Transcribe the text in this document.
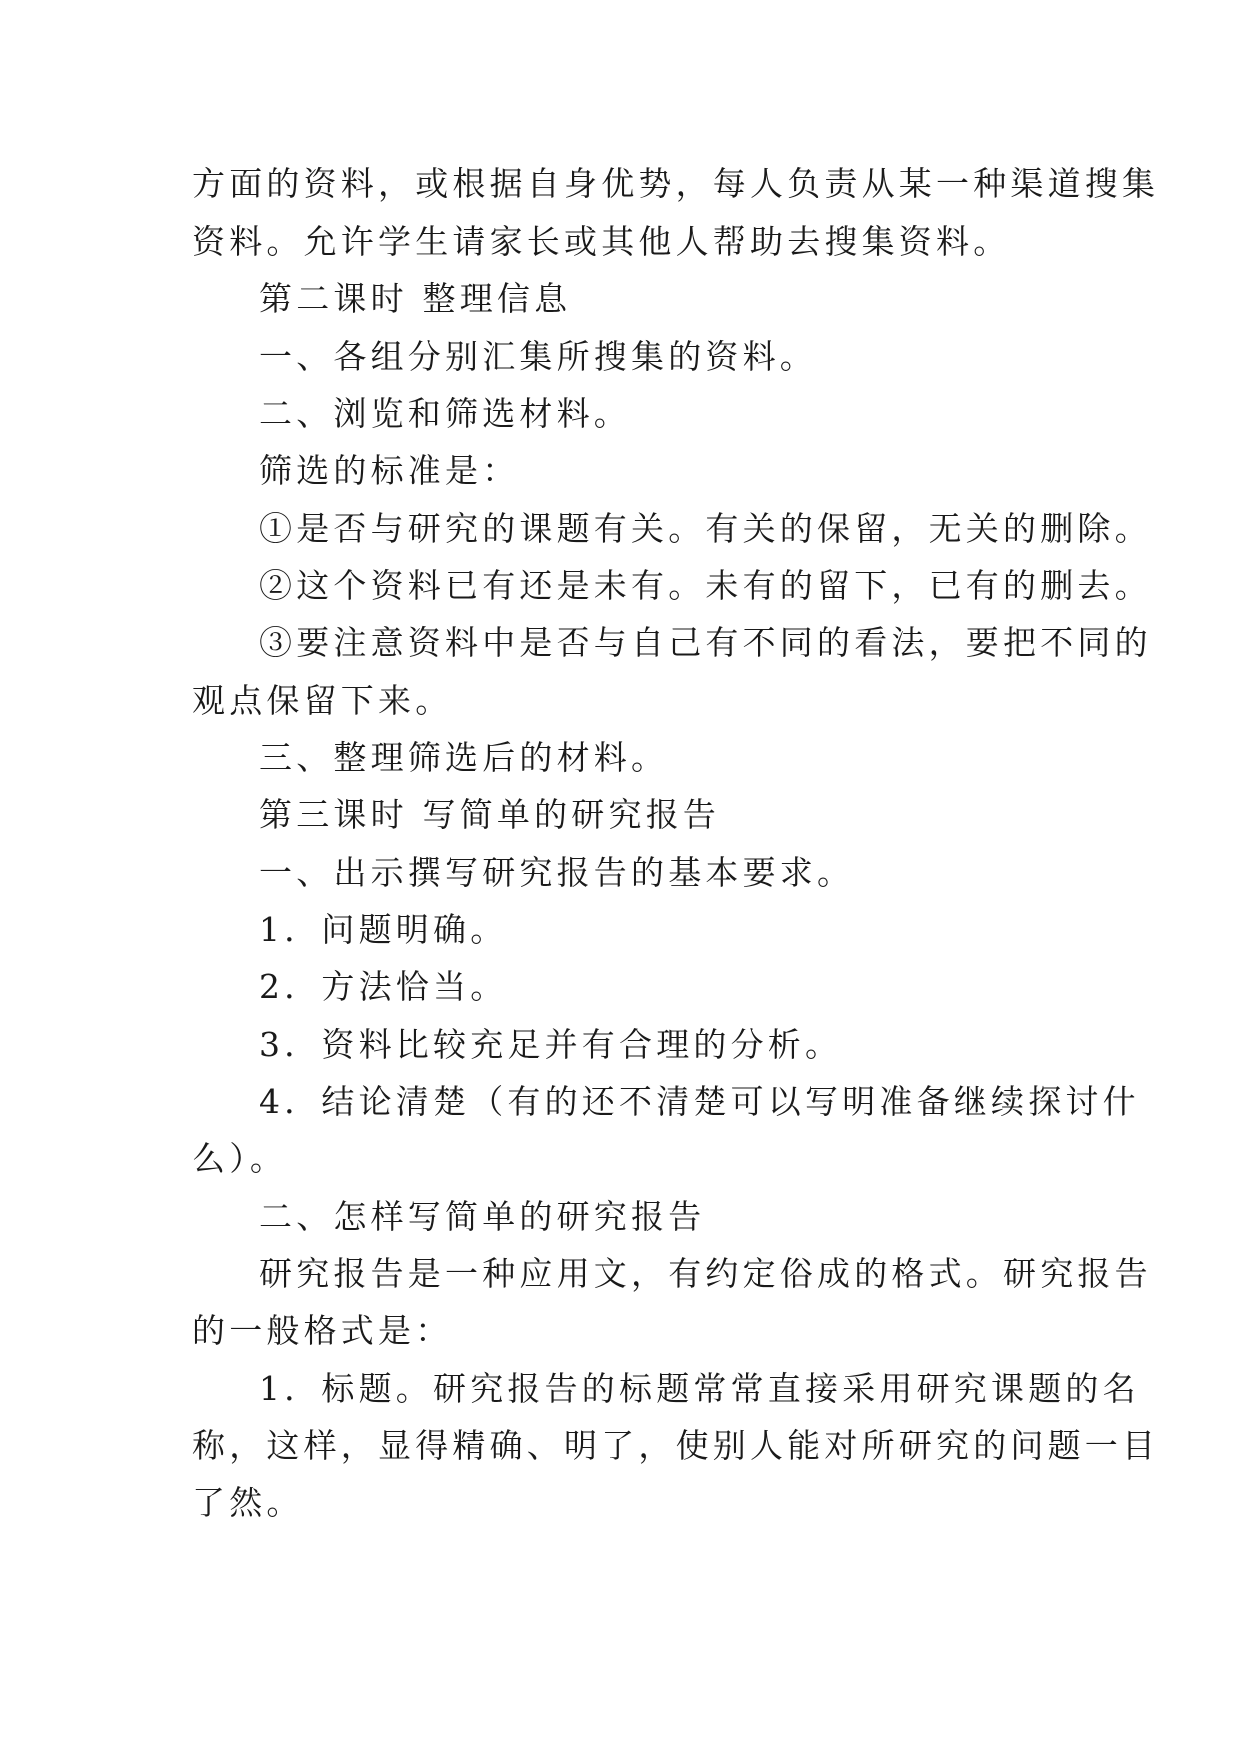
方面的资料，或根据自身优势，每人负责从某一种渠道搜集
资料。允许学生请家长或其他人帮助去搜集资料。
第二课时 整理信息
一、各组分别汇集所搜集的资料。
二、浏览和筛选材料。
筛选的标准是：
①是否与研究的课题有关。有关的保留，无关的删除。
②这个资料已有还是未有。未有的留下，已有的删去。
③要注意资料中是否与自己有不同的看法，要把不同的
观点保留下来。
三、整理筛选后的材料。
第三课时 写简单的研究报告
一、出示撰写研究报告的基本要求。
1．问题明确。
2．方法恰当。
3．资料比较充足并有合理的分析。
4．结论清楚（有的还不清楚可以写明准备继续探讨什
么）。
二、怎样写简单的研究报告
研究报告是一种应用文，有约定俗成的格式。研究报告
的一般格式是：
1．标题。研究报告的标题常常直接采用研究课题的名
称，这样，显得精确、明了，使别人能对所研究的问题一目
了然。
